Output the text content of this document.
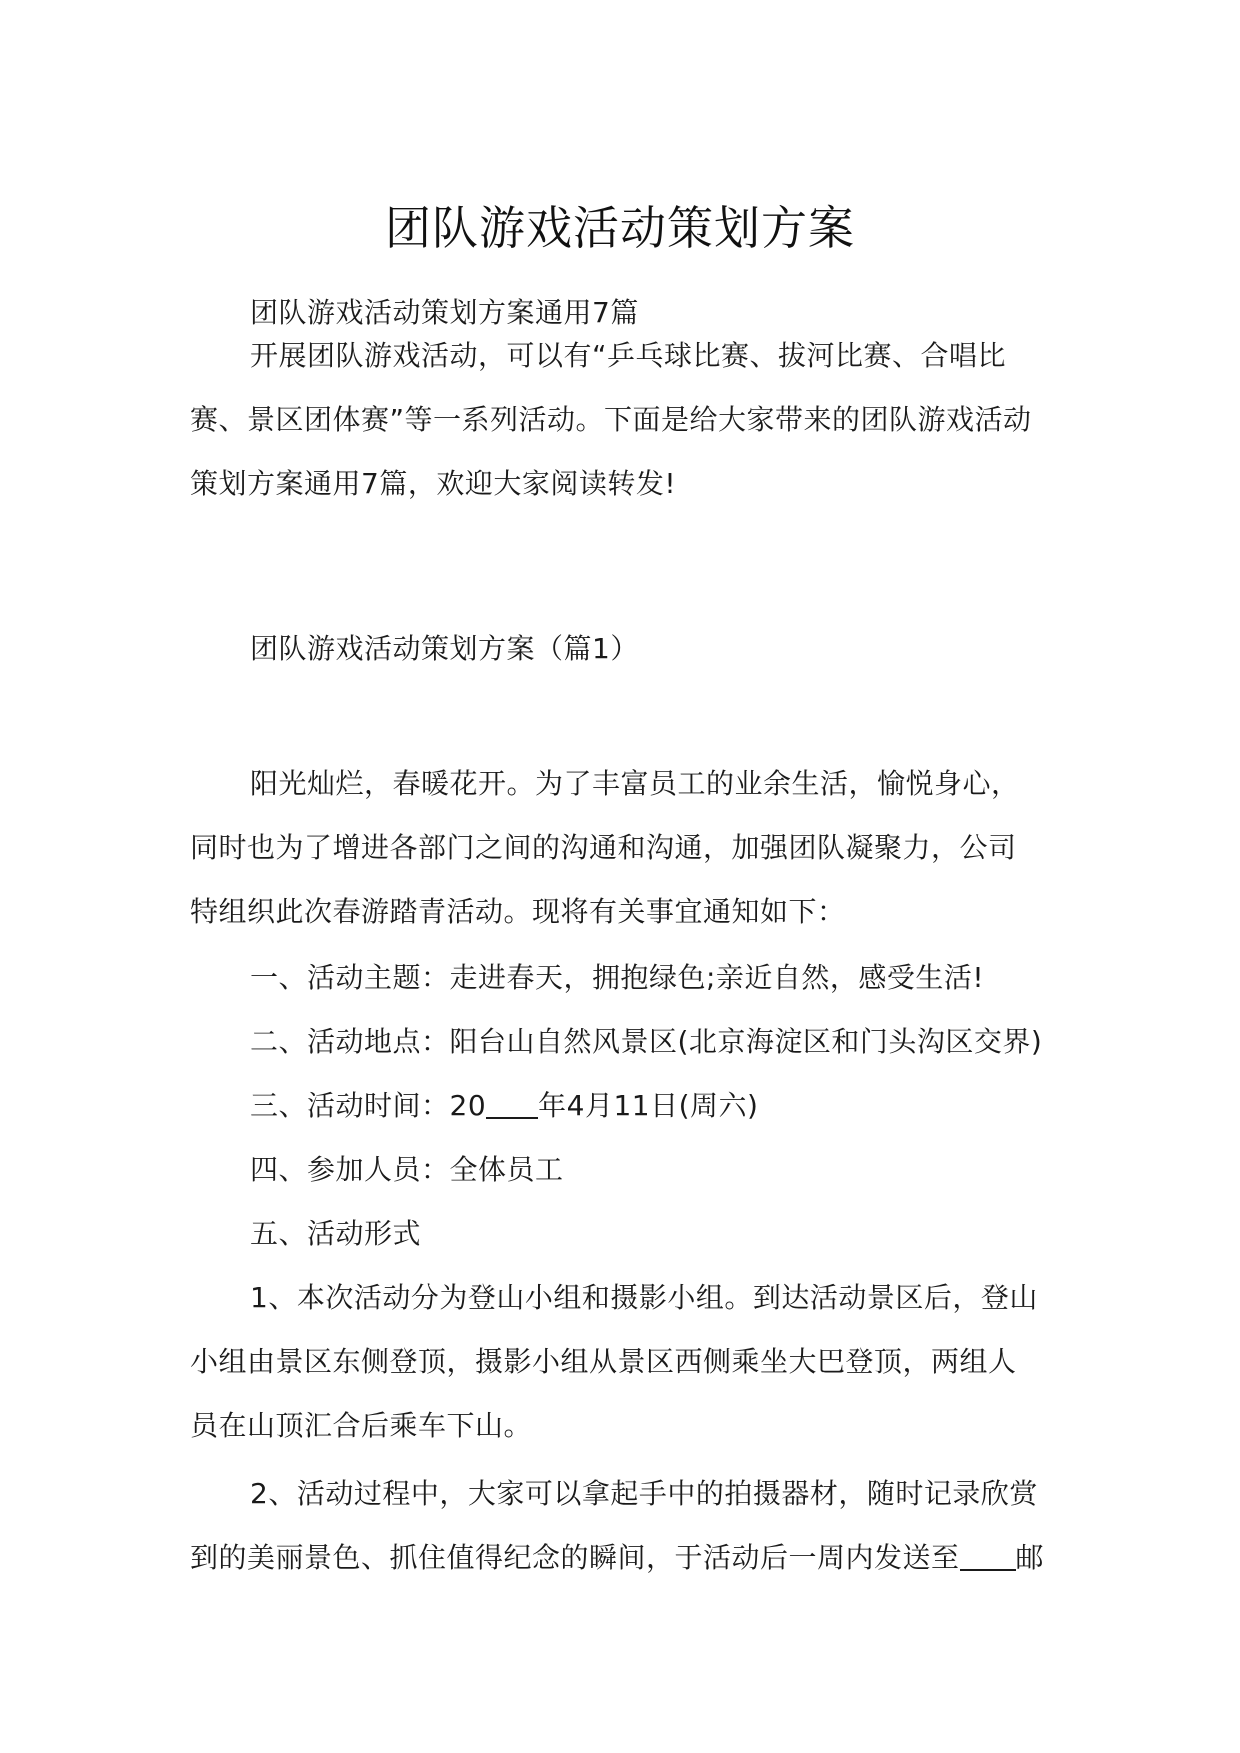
团队游戏活动策划方案

团队游戏活动策划方案通用7篇

开展团队游戏活动，可以有“乒乓球比赛、拔河比赛、合唱比
赛、景区团体赛”等一系列活动。下面是给大家带来的团队游戏活动
策划方案通用7篇，欢迎大家阅读转发!

团队游戏活动策划方案（篇1）

阳光灿烂，春暖花开。为了丰富员工的业余生活，愉悦身心，
同时也为了增进各部门之间的沟通和沟通，加强团队凝聚力，公司
特组织此次春游踏青活动。现将有关事宜通知如下：

一、活动主题：走进春天，拥抱绿色;亲近自然，感受生活!

二、活动地点：阳台山自然风景区(北京海淀区和门头沟区交界)

三、活动时间：20 年4月11日(周六)

四、参加人员：全体员工

五、活动形式

1、本次活动分为登山小组和摄影小组。到达活动景区后，登山
小组由景区东侧登顶，摄影小组从景区西侧乘坐大巴登顶，两组人
员在山顶汇合后乘车下山。

2、活动过程中，大家可以拿起手中的拍摄器材，随时记录欣赏
到的美丽景色、抓住值得纪念的瞬间，于活动后一周内发送至 邮
